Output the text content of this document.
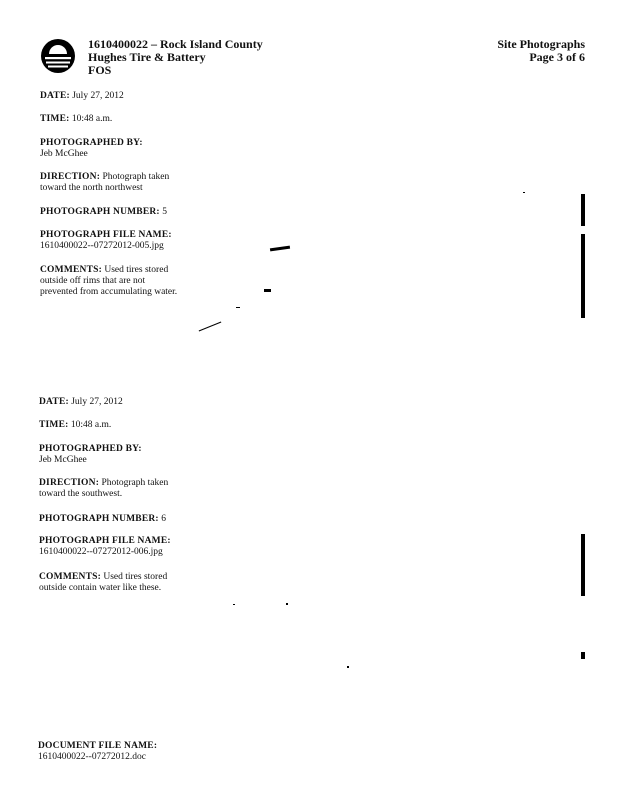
1610400022 – Rock Island County
Hughes Tire & Battery
FOS
Site Photographs
Page 3 of 6
DATE: July 27, 2012
TIME: 10:48 a.m.
PHOTOGRAPHED BY:
Jeb McGhee
DIRECTION: Photograph taken
toward the north northwest
PHOTOGRAPH NUMBER: 5
PHOTOGRAPH FILE NAME:
1610400022--07272012-005.jpg
COMMENTS: Used tires stored
outside off rims that are not
prevented from accumulating water.
DATE: July 27, 2012
TIME: 10:48 a.m.
PHOTOGRAPHED BY:
Jeb McGhee
DIRECTION: Photograph taken
toward the southwest.
PHOTOGRAPH NUMBER: 6
PHOTOGRAPH FILE NAME:
1610400022--07272012-006.jpg
COMMENTS: Used tires stored
outside contain water like these.
DOCUMENT FILE NAME:
1610400022--07272012.doc
